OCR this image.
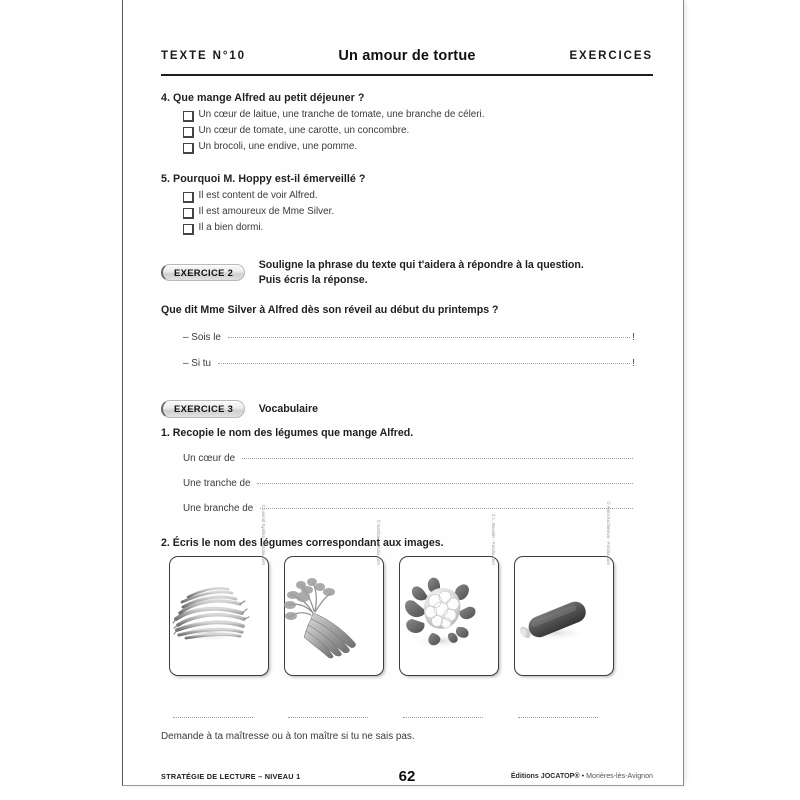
TEXTE N°10	Un amour de tortue	EXERCICES
4. Que mange Alfred au petit déjeuner ?
Un cœur de laitue, une tranche de tomate, une branche de céleri.
Un cœur de tomate, une carotte, un concombre.
Un brocoli, une endive, une pomme.
5. Pourquoi M. Hoppy est-il émerveillé ?
Il est content de voir Alfred.
Il est amoureux de Mme Silver.
Il a bien dormi.
EXERCICE 2 Souligne la phrase du texte qui t'aidera à répondre à la question.
Puis écris la réponse.
Que dit Mme Silver à Alfred dès son réveil au début du printemps ?
– Sois le	!
– Si tu	!
EXERCICE 3 Vocabulaire
1. Recopie le nom des légumes que mange Alfred.
Un cœur de
Une tranche de
Une branche de
2. Écris le nom des légumes correspondant aux images.
© Leonid Nyshko - Fotolia.com	© Nattika - Fotolia.com	© L. Bouvier - Fotolia.com	© Anna Kucherova - Fotolia.com
Demande à ta maîtresse ou à ton maître si tu ne sais pas.
STRATÉGIE DE LECTURE – NIVEAU 1	62	Éditions JOCATOP® • Morières-lès-Avignon
